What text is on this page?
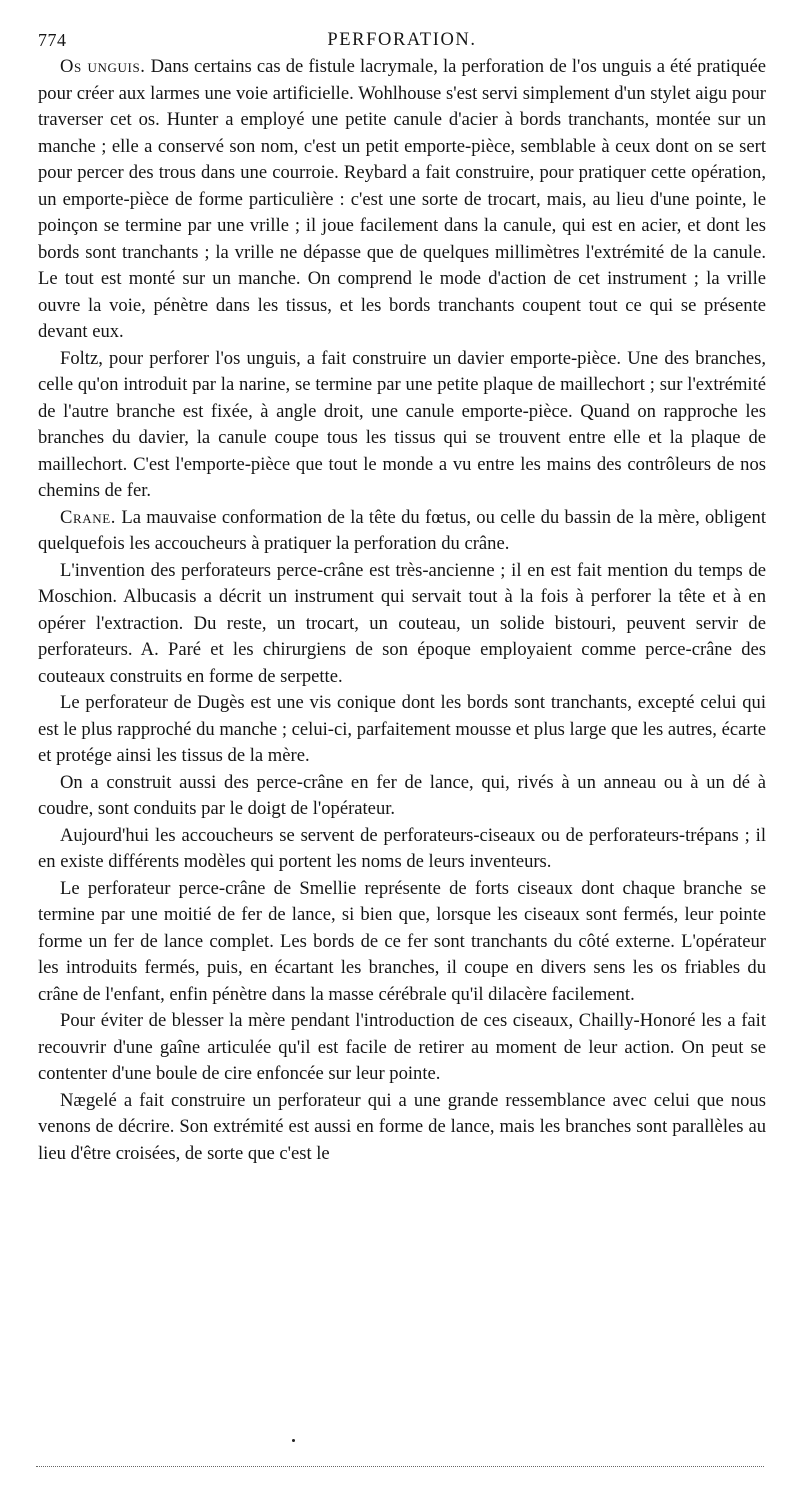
774	PERFORATION.

Os unguis. Dans certains cas de fistule lacrymale, la perforation de l'os unguis a été pratiquée pour créer aux larmes une voie artificielle. Wohlhouse s'est servi simplement d'un stylet aigu pour traverser cet os. Hunter a employé une petite canule d'acier à bords tranchants, montée sur un manche ; elle a conservé son nom, c'est un petit emporte-pièce, semblable à ceux dont on se sert pour percer des trous dans une courroie. Reybard a fait construire, pour pratiquer cette opération, un emporte-pièce de forme particulière : c'est une sorte de trocart, mais, au lieu d'une pointe, le poinçon se termine par une vrille ; il joue facilement dans la canule, qui est en acier, et dont les bords sont tranchants ; la vrille ne dépasse que de quelques millimètres l'extrémité de la canule. Le tout est monté sur un manche. On comprend le mode d'action de cet instrument ; la vrille ouvre la voie, pénètre dans les tissus, et les bords tranchants coupent tout ce qui se présente devant eux.

Foltz, pour perforer l'os unguis, a fait construire un davier emporte-pièce. Une des branches, celle qu'on introduit par la narine, se termine par une petite plaque de maillechort ; sur l'extrémité de l'autre branche est fixée, à angle droit, une canule emporte-pièce. Quand on rapproche les branches du davier, la canule coupe tous les tissus qui se trouvent entre elle et la plaque de maillechort. C'est l'emporte-pièce que tout le monde a vu entre les mains des contrôleurs de nos chemins de fer.

Crane. La mauvaise conformation de la tête du fœtus, ou celle du bassin de la mère, obligent quelquefois les accoucheurs à pratiquer la perforation du crâne.

L'invention des perforateurs perce-crâne est très-ancienne ; il en est fait mention du temps de Moschion. Albucasis a décrit un instrument qui servait tout à la fois à perforer la tête et à en opérer l'extraction. Du reste, un trocart, un couteau, un solide bistouri, peuvent servir de perforateurs. A. Paré et les chirurgiens de son époque employaient comme perce-crâne des couteaux construits en forme de serpette.

Le perforateur de Dugès est une vis conique dont les bords sont tranchants, excepté celui qui est le plus rapproché du manche ; celui-ci, parfaitement mousse et plus large que les autres, écarte et protége ainsi les tissus de la mère.

On a construit aussi des perce-crâne en fer de lance, qui, rivés à un anneau ou à un dé à coudre, sont conduits par le doigt de l'opérateur.

Aujourd'hui les accoucheurs se servent de perforateurs-ciseaux ou de perforateurs-trépans ; il en existe différents modèles qui portent les noms de leurs inventeurs.

Le perforateur perce-crâne de Smellie représente de forts ciseaux dont chaque branche se termine par une moitié de fer de lance, si bien que, lorsque les ciseaux sont fermés, leur pointe forme un fer de lance complet. Les bords de ce fer sont tranchants du côté externe. L'opérateur les introduits fermés, puis, en écartant les branches, il coupe en divers sens les os friables du crâne de l'enfant, enfin pénètre dans la masse cérébrale qu'il dilacère facilement.

Pour éviter de blesser la mère pendant l'introduction de ces ciseaux, Chailly-Honoré les a fait recouvrir d'une gaîne articulée qu'il est facile de retirer au moment de leur action. On peut se contenter d'une boule de cire enfoncée sur leur pointe.

Nægelé a fait construire un perforateur qui a une grande ressemblance avec celui que nous venons de décrire. Son extrémité est aussi en forme de lance, mais les branches sont parallèles au lieu d'être croisées, de sorte que c'est le
